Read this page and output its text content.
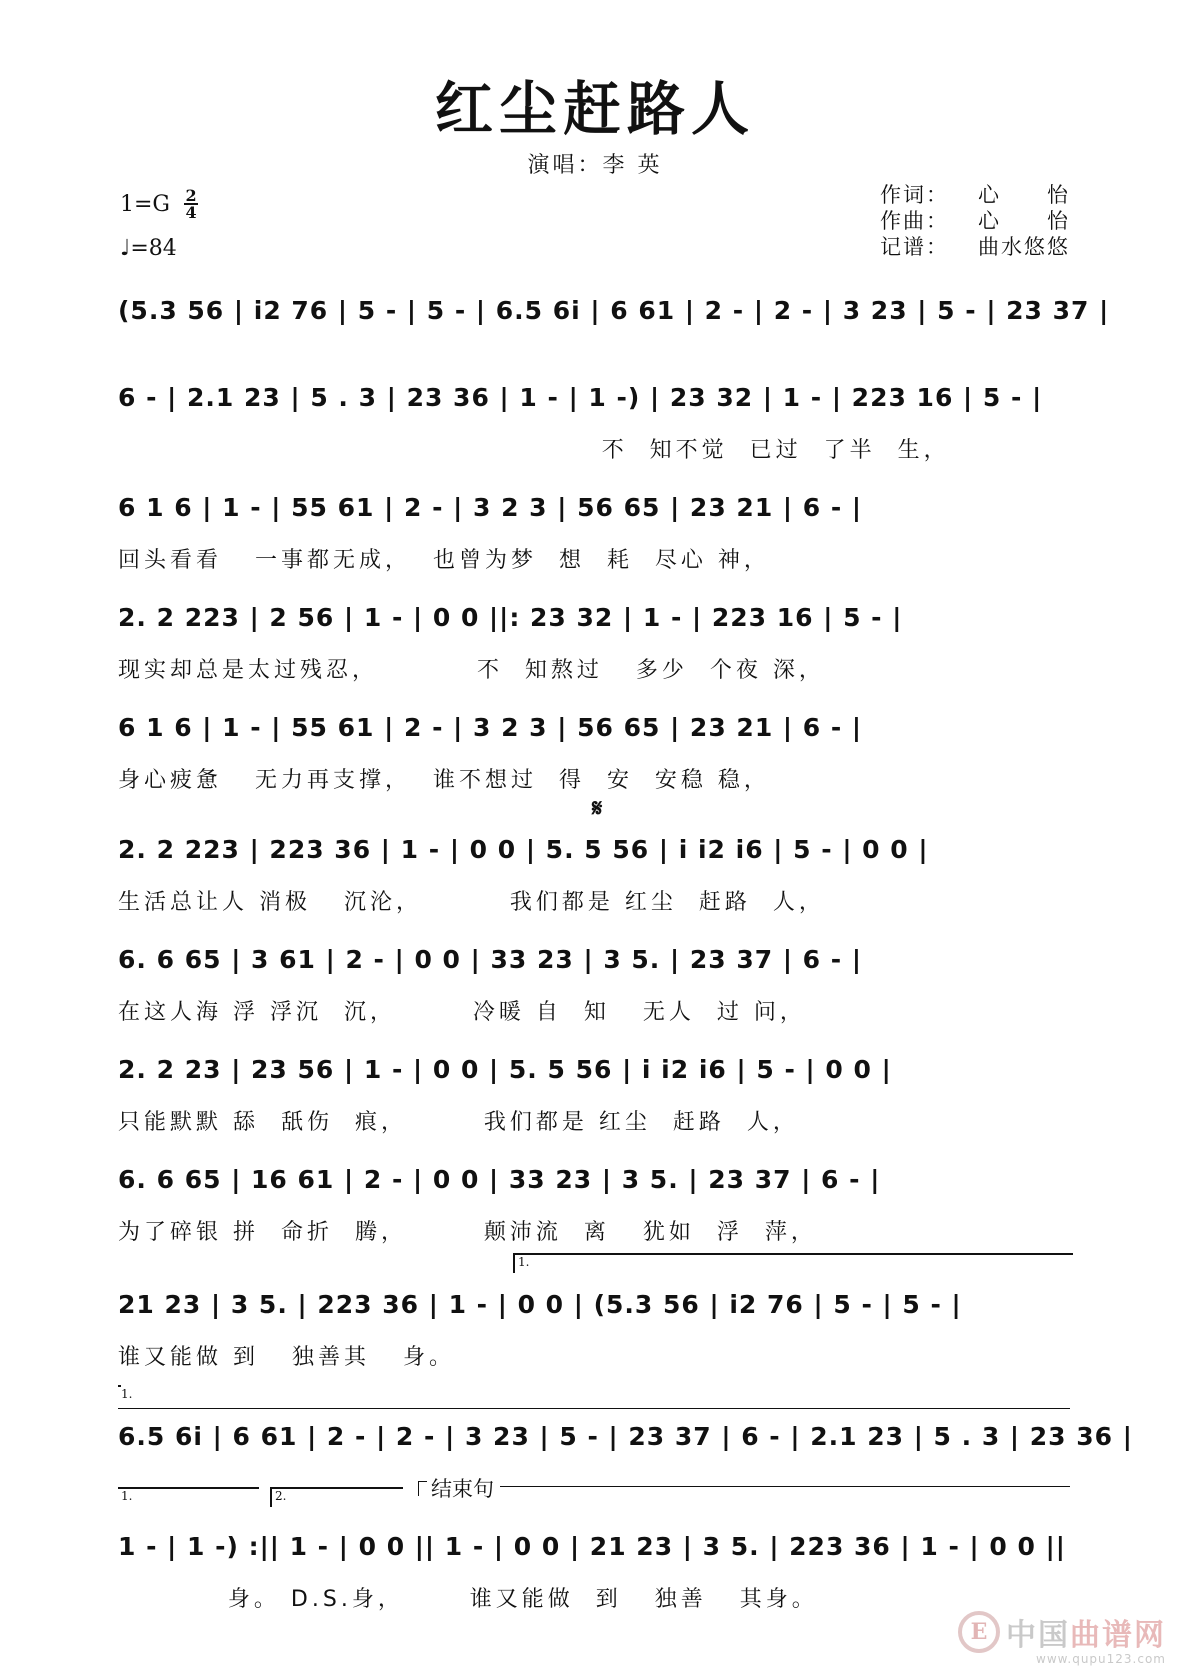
红尘赶路人
演唱：李 英
1=G 2
4
♩=84
作词： 心　　怡
作曲： 心　　怡
记谱： 曲水悠悠
𝄋
(5.3 56 | i2 76 | 5 - | 5 - | 6.5 6i | 6 61 | 2 - | 2 - | 3 23 | 5 - | 23 37 |
6 - | 2.1 23 | 5 . 3 | 23 36 | 1 - | 1 -) | 23 32 | 1 - | 223 16 | 5 - |
不  知不觉  已过  了半  生，
6 1 6 | 1 - | 55 61 | 2 - | 3 2 3 | 56 65 | 23 21 | 6 - |
回头看看   一事都无成，  也曾为梦  想  耗  尽心 神，
2. 2 223 | 2 56 | 1 - | 0 0 ||: 23 32 | 1 - | 223 16 | 5 - |
现实却总是太过残忍，         不  知熬过   多少  个夜 深，
6 1 6 | 1 - | 55 61 | 2 - | 3 2 3 | 56 65 | 23 21 | 6 - |
身心疲惫   无力再支撑，  谁不想过  得  安  安稳 稳，
2. 2 223 | 223 36 | 1 - | 0 0 | 5. 5 56 | i i2 i6 | 5 - | 0 0 |
生活总让人 消极   沉沦，        我们都是 红尘  赶路  人，
6. 6 65 | 3 61 | 2 - | 0 0 | 33 23 | 3 5. | 23 37 | 6 - |
在这人海 浮 浮沉  沉，       冷暖 自  知   无人  过 问，
2. 2 23 | 23 56 | 1 - | 0 0 | 5. 5 56 | i i2 i6 | 5 - | 0 0 |
只能默默 舔  舐伤  痕，       我们都是 红尘  赶路  人，
6. 6 65 | 16 61 | 2 - | 0 0 | 33 23 | 3 5. | 23 37 | 6 - |
为了碎银 拼  命折  腾，       颠沛流  离   犹如  浮  萍，
1.
21 23 | 3 5. | 223 36 | 1 - | 0 0 | (5.3 56 | i2 76 | 5 - | 5 - |
谁又能做 到   独善其   身。
1.
6.5 6i | 6 61 | 2 - | 2 - | 3 23 | 5 - | 23 37 | 6 - | 2.1 23 | 5 . 3 | 23 36 |
1.	2.	结束句
1 - | 1 -) :|| 1 - | 0 0 || 1 - | 0 0 | 21 23 | 3 5. | 223 36 | 1 - | 0 0 ||
身。 D.S.身，      谁又能做  到   独善   其身。
E 中国曲谱网
www.qupu123.com
